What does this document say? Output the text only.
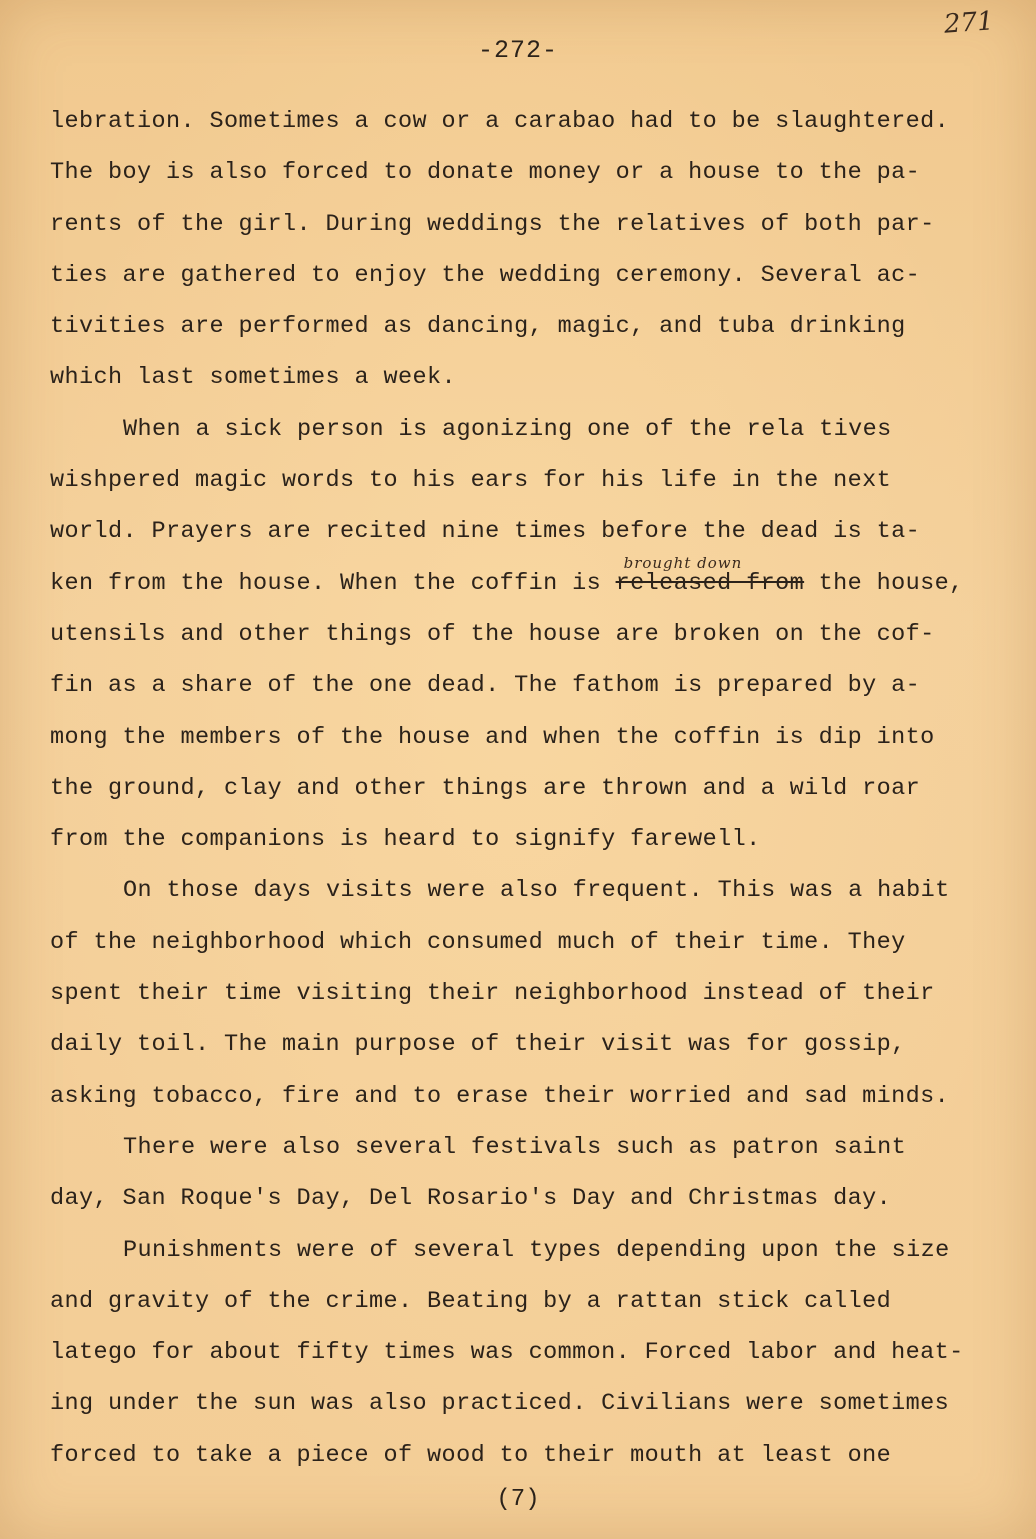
271
-272-
lebration. Sometimes a cow or a carabao had to be slaughtered.
The boy is also forced to donate money or a house to the pa-
rents of the girl. During weddings the relatives of both par-
ties are gathered to enjoy the wedding ceremony. Several ac-
tivities are performed as dancing, magic, and tuba drinking
which last sometimes a week.
When a sick person is agonizing one of the rela tives
wishpered magic words to his ears for his life in the next
world. Prayers are recited nine times before the dead is ta-
ken from the house. When the coffin is
brought down
released from the house,
utensils and other things of the house are broken on the cof-
fin as a share of the one dead. The fathom is prepared by a-
mong the members of the house and when the coffin is dip into
the ground, clay and other things are thrown and a wild roar
from the companions is heard to signify farewell.
On those days visits were also frequent. This was a habit
of the neighborhood which consumed much of their time. They
spent their time visiting their neighborhood instead of their
daily toil. The main purpose of their visit was for gossip,
asking tobacco, fire and to erase their worried and sad minds.
There were also several festivals such as patron saint
day, San Roque's Day, Del Rosario's Day and Christmas day.
Punishments were of several types depending upon the size
and gravity of the crime. Beating by a rattan stick called
latego for about fifty times was common. Forced labor and heat-
ing under the sun was also practiced. Civilians were sometimes
forced to take a piece of wood to their mouth at least one
(7)
